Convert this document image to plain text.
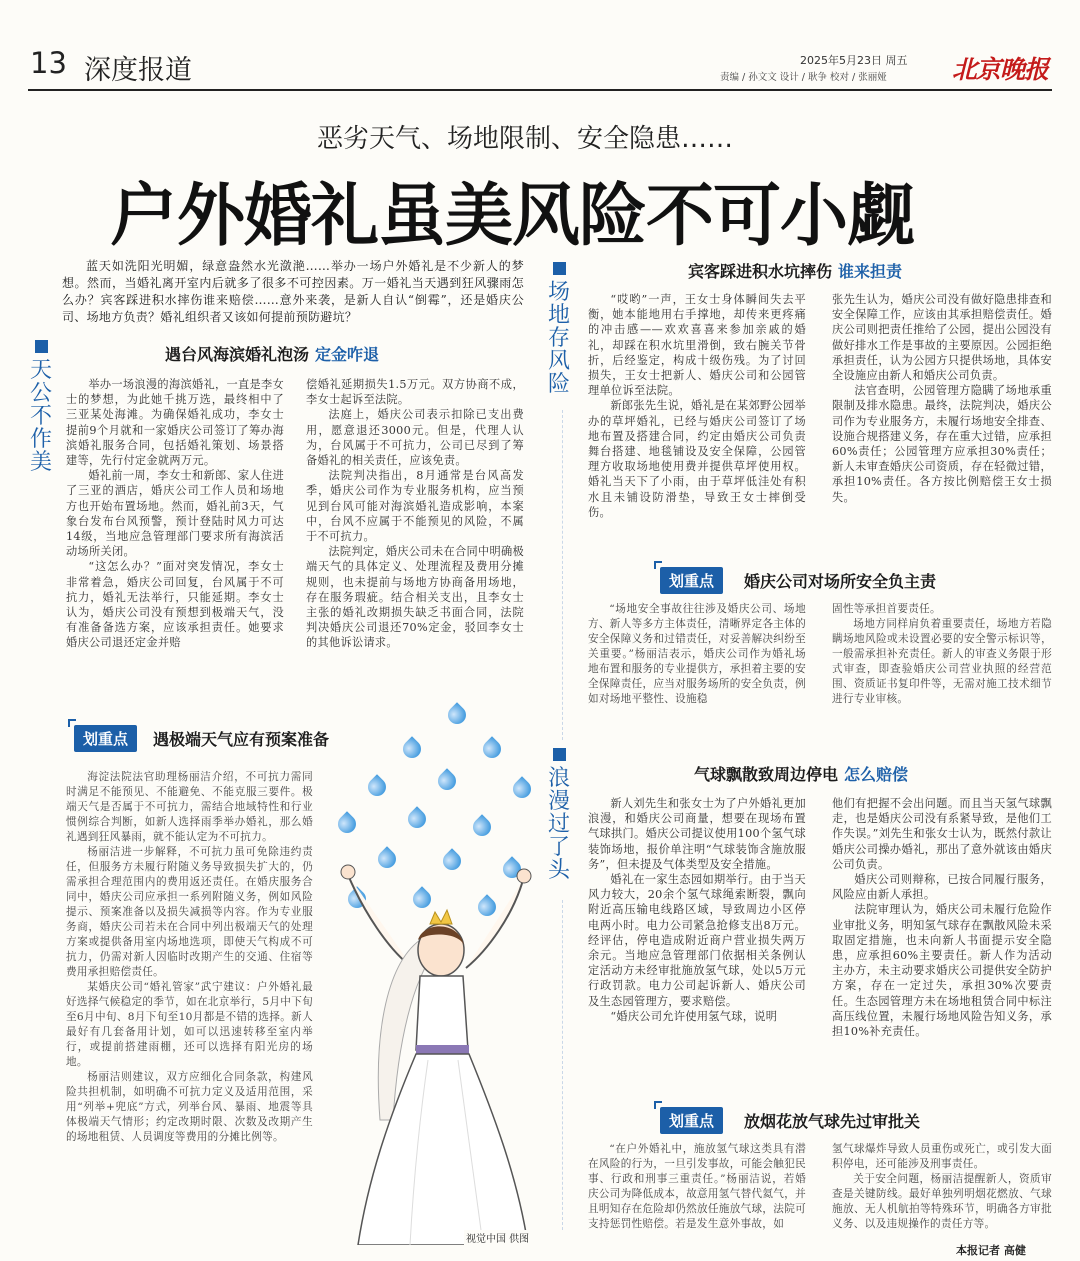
13 深度报道	2025年5月23日 周五
责编 / 孙文文 设计 / 耿争 校对 / 张丽娅	北京晚报
恶劣天气、场地限制、安全隐患……
户外婚礼虽美风险不可小觑
蓝天如洗阳光明媚，绿意盎然水光潋滟……举办一场户外婚礼是不少新人的梦想。然而，当婚礼离开室内后就多了很多不可控因素。万一婚礼当天遇到狂风骤雨怎么办？宾客踩进积水摔伤谁来赔偿……意外来袭，是新人自认“倒霉”，还是婚庆公司、场地方负责？婚礼组织者又该如何提前预防避坑？
天公不作美
场地存风险
浪漫过了头
遇台风海滨婚礼泡汤 定金咋退

举办一场浪漫的海滨婚礼，一直是李女士的梦想，为此她千挑万选，最终相中了三亚某处海滩。为确保婚礼成功，李女士提前9个月就和一家婚庆公司签订了筹办海滨婚礼服务合同，包括婚礼策划、场景搭建等，先行付定金就两万元。

婚礼前一周，李女士和新郎、家人住进了三亚的酒店，婚庆公司工作人员和场地方也开始布置场地。然而，婚礼前3天，气象台发布台风预警，预计登陆时风力可达14级，当地应急管理部门要求所有海滨活动场所关闭。

“这怎么办？”面对突发情况，李女士非常着急，婚庆公司回复，台风属于不可抗力，婚礼无法举行，只能延期。李女士认为，婚庆公司没有预想到极端天气，没有准备备选方案，应该承担责任。她要求婚庆公司退还定金并赔

偿婚礼延期损失1.5万元。双方协商不成，李女士起诉至法院。

法庭上，婚庆公司表示扣除已支出费用，愿意退还3000元。但是，代理人认为，台风属于不可抗力，公司已尽到了筹备婚礼的相关责任，应该免责。

法院判决指出，8月通常是台风高发季，婚庆公司作为专业服务机构，应当预见到台风可能对海滨婚礼造成影响，本案中，台风不应属于不能预见的风险，不属于不可抗力。

法院判定，婚庆公司未在合同中明确极端天气的具体定义、处理流程及费用分摊规则，也未提前与场地方协商备用场地，存在服务瑕疵。结合相关支出，且李女士主张的婚礼改期损失缺乏书面合同，法院判决婚庆公司退还70%定金，驳回李女士的其他诉讼请求。

划重点	遇极端天气应有预案准备

海淀法院法官助理杨丽洁介绍，不可抗力需同时满足不能预见、不能避免、不能克服三要件。极端天气是否属于不可抗力，需结合地域特性和行业惯例综合判断，如新人选择雨季举办婚礼，那么婚礼遇到狂风暴雨，就不能认定为不可抗力。

杨丽洁进一步解释，不可抗力虽可免除违约责任，但服务方未履行附随义务导致损失扩大的，仍需承担合理范围内的费用返还责任。在婚庆服务合同中，婚庆公司应承担一系列附随义务，例如风险提示、预案准备以及损失减损等内容。作为专业服务商，婚庆公司若未在合同中列出极端天气的处理方案或提供备用室内场地选项，即使天气构成不可抗力，仍需对新人因临时改期产生的交通、住宿等费用承担赔偿责任。

某婚庆公司“婚礼管家”武宁建议：户外婚礼最好选择气候稳定的季节，如在北京举行，5月中下旬至6月中旬、8月下旬至10月都是不错的选择。新人最好有几套备用计划，如可以迅速转移至室内举行，或提前搭建雨棚，还可以选择有阳光房的场地。

杨丽洁则建议，双方应细化合同条款，构建风险共担机制，如明确不可抗力定义及适用范围，采用“列举+兜底”方式，列举台风、暴雨、地震等具体极端天气情形；约定改期时限、次数及改期产生的场地租赁、人员调度等费用的分摊比例等。

视觉中国 供图
宾客踩进积水坑摔伤 谁来担责

“哎哟”一声，王女士身体瞬间失去平衡，她本能地用右手撑地，却传来更疼痛的冲击感——欢欢喜喜来参加亲戚的婚礼，却踩在积水坑里滑倒，致右腕关节骨折，后经鉴定，构成十级伤残。为了讨回损失，王女士把新人、婚庆公司和公园管理单位诉至法院。

新郎张先生说，婚礼是在某郊野公园举办的草坪婚礼，已经与婚庆公司签订了场地布置及搭建合同，约定由婚庆公司负责舞台搭建、地毯铺设及安全保障，公园管理方收取场地使用费并提供草坪使用权。婚礼当天下了小雨，由于草坪低洼处有积水且未铺设防滑垫，导致王女士摔倒受伤。

张先生认为，婚庆公司没有做好隐患排查和安全保障工作，应该由其承担赔偿责任。婚庆公司则把责任推给了公园，提出公园没有做好排水工作是事故的主要原因。公园拒绝承担责任，认为公园方只提供场地，具体安全设施应由新人和婚庆公司负责。

法官查明，公园管理方隐瞒了场地承重限制及排水隐患。最终，法院判决，婚庆公司作为专业服务方，未履行场地安全排查、设施合规搭建义务，存在重大过错，应承担60%责任；公园管理方应承担30%责任；新人未审查婚庆公司资质，存在轻微过错，承担10%责任。各方按比例赔偿王女士损失。

划重点	婚庆公司对场所安全负主责

“场地安全事故往往涉及婚庆公司、场地方、新人等多方主体责任，清晰界定各主体的安全保障义务和过错责任，对妥善解决纠纷至关重要。”杨丽洁表示，婚庆公司作为婚礼场地布置和服务的专业提供方，承担着主要的安全保障责任，应当对服务场所的安全负责，例如对场地平整性、设施稳

固性等承担首要责任。

场地方同样肩负着重要责任，场地方若隐瞒场地风险或未设置必要的安全警示标识等，一般需承担补充责任。新人的审查义务限于形式审查，即查验婚庆公司营业执照的经营范围、资质证书复印件等，无需对施工技术细节进行专业审核。

气球飘散致周边停电 怎么赔偿

新人刘先生和张女士为了户外婚礼更加浪漫，和婚庆公司商量，想要在现场布置气球拱门。婚庆公司提议使用100个氢气球装饰场地，报价单注明“气球装饰含施放服务”，但未提及气体类型及安全措施。

婚礼在一家生态园如期举行。由于当天风力较大，20余个氢气球绳索断裂，飘向附近高压输电线路区域，导致周边小区停电两小时。电力公司紧急抢修支出8万元。经评估，停电造成附近商户营业损失两万余元。当地应急管理部门依据相关条例认定活动方未经审批施放氢气球，处以5万元行政罚款。电力公司起诉新人、婚庆公司及生态园管理方，要求赔偿。

“婚庆公司允许使用氢气球，说明

他们有把握不会出问题。而且当天氢气球飘走，也是婚庆公司没有系紧导致，是他们工作失误。”刘先生和张女士认为，既然付款让婚庆公司操办婚礼，那出了意外就该由婚庆公司负责。

婚庆公司则辩称，已按合同履行服务，风险应由新人承担。

法院审理认为，婚庆公司未履行危险作业审批义务，明知氢气球存在飘散风险未采取固定措施，也未向新人书面提示安全隐患，应承担60%主要责任。新人作为活动主办方，未主动要求婚庆公司提供安全防护方案，存在一定过失，承担30%次要责任。生态园管理方未在场地租赁合同中标注高压线位置，未履行场地风险告知义务，承担10%补充责任。

划重点	放烟花放气球先过审批关

“在户外婚礼中，施放氢气球这类具有潜在风险的行为，一旦引发事故，可能会触犯民事、行政和刑事三重责任。”杨丽洁说，若婚庆公司为降低成本，故意用氢气替代氦气，并且明知存在危险却仍然放任施放气球，法院可支持惩罚性赔偿。若是发生意外事故，如

氢气球爆炸导致人员重伤或死亡，或引发大面积停电，还可能涉及刑事责任。

关于安全问题，杨丽洁提醒新人，资质审查是关键防线。最好单独列明烟花燃放、气球施放、无人机航拍等特殊环节，明确各方审批义务、以及违规操作的责任方等。

本报记者 高健
